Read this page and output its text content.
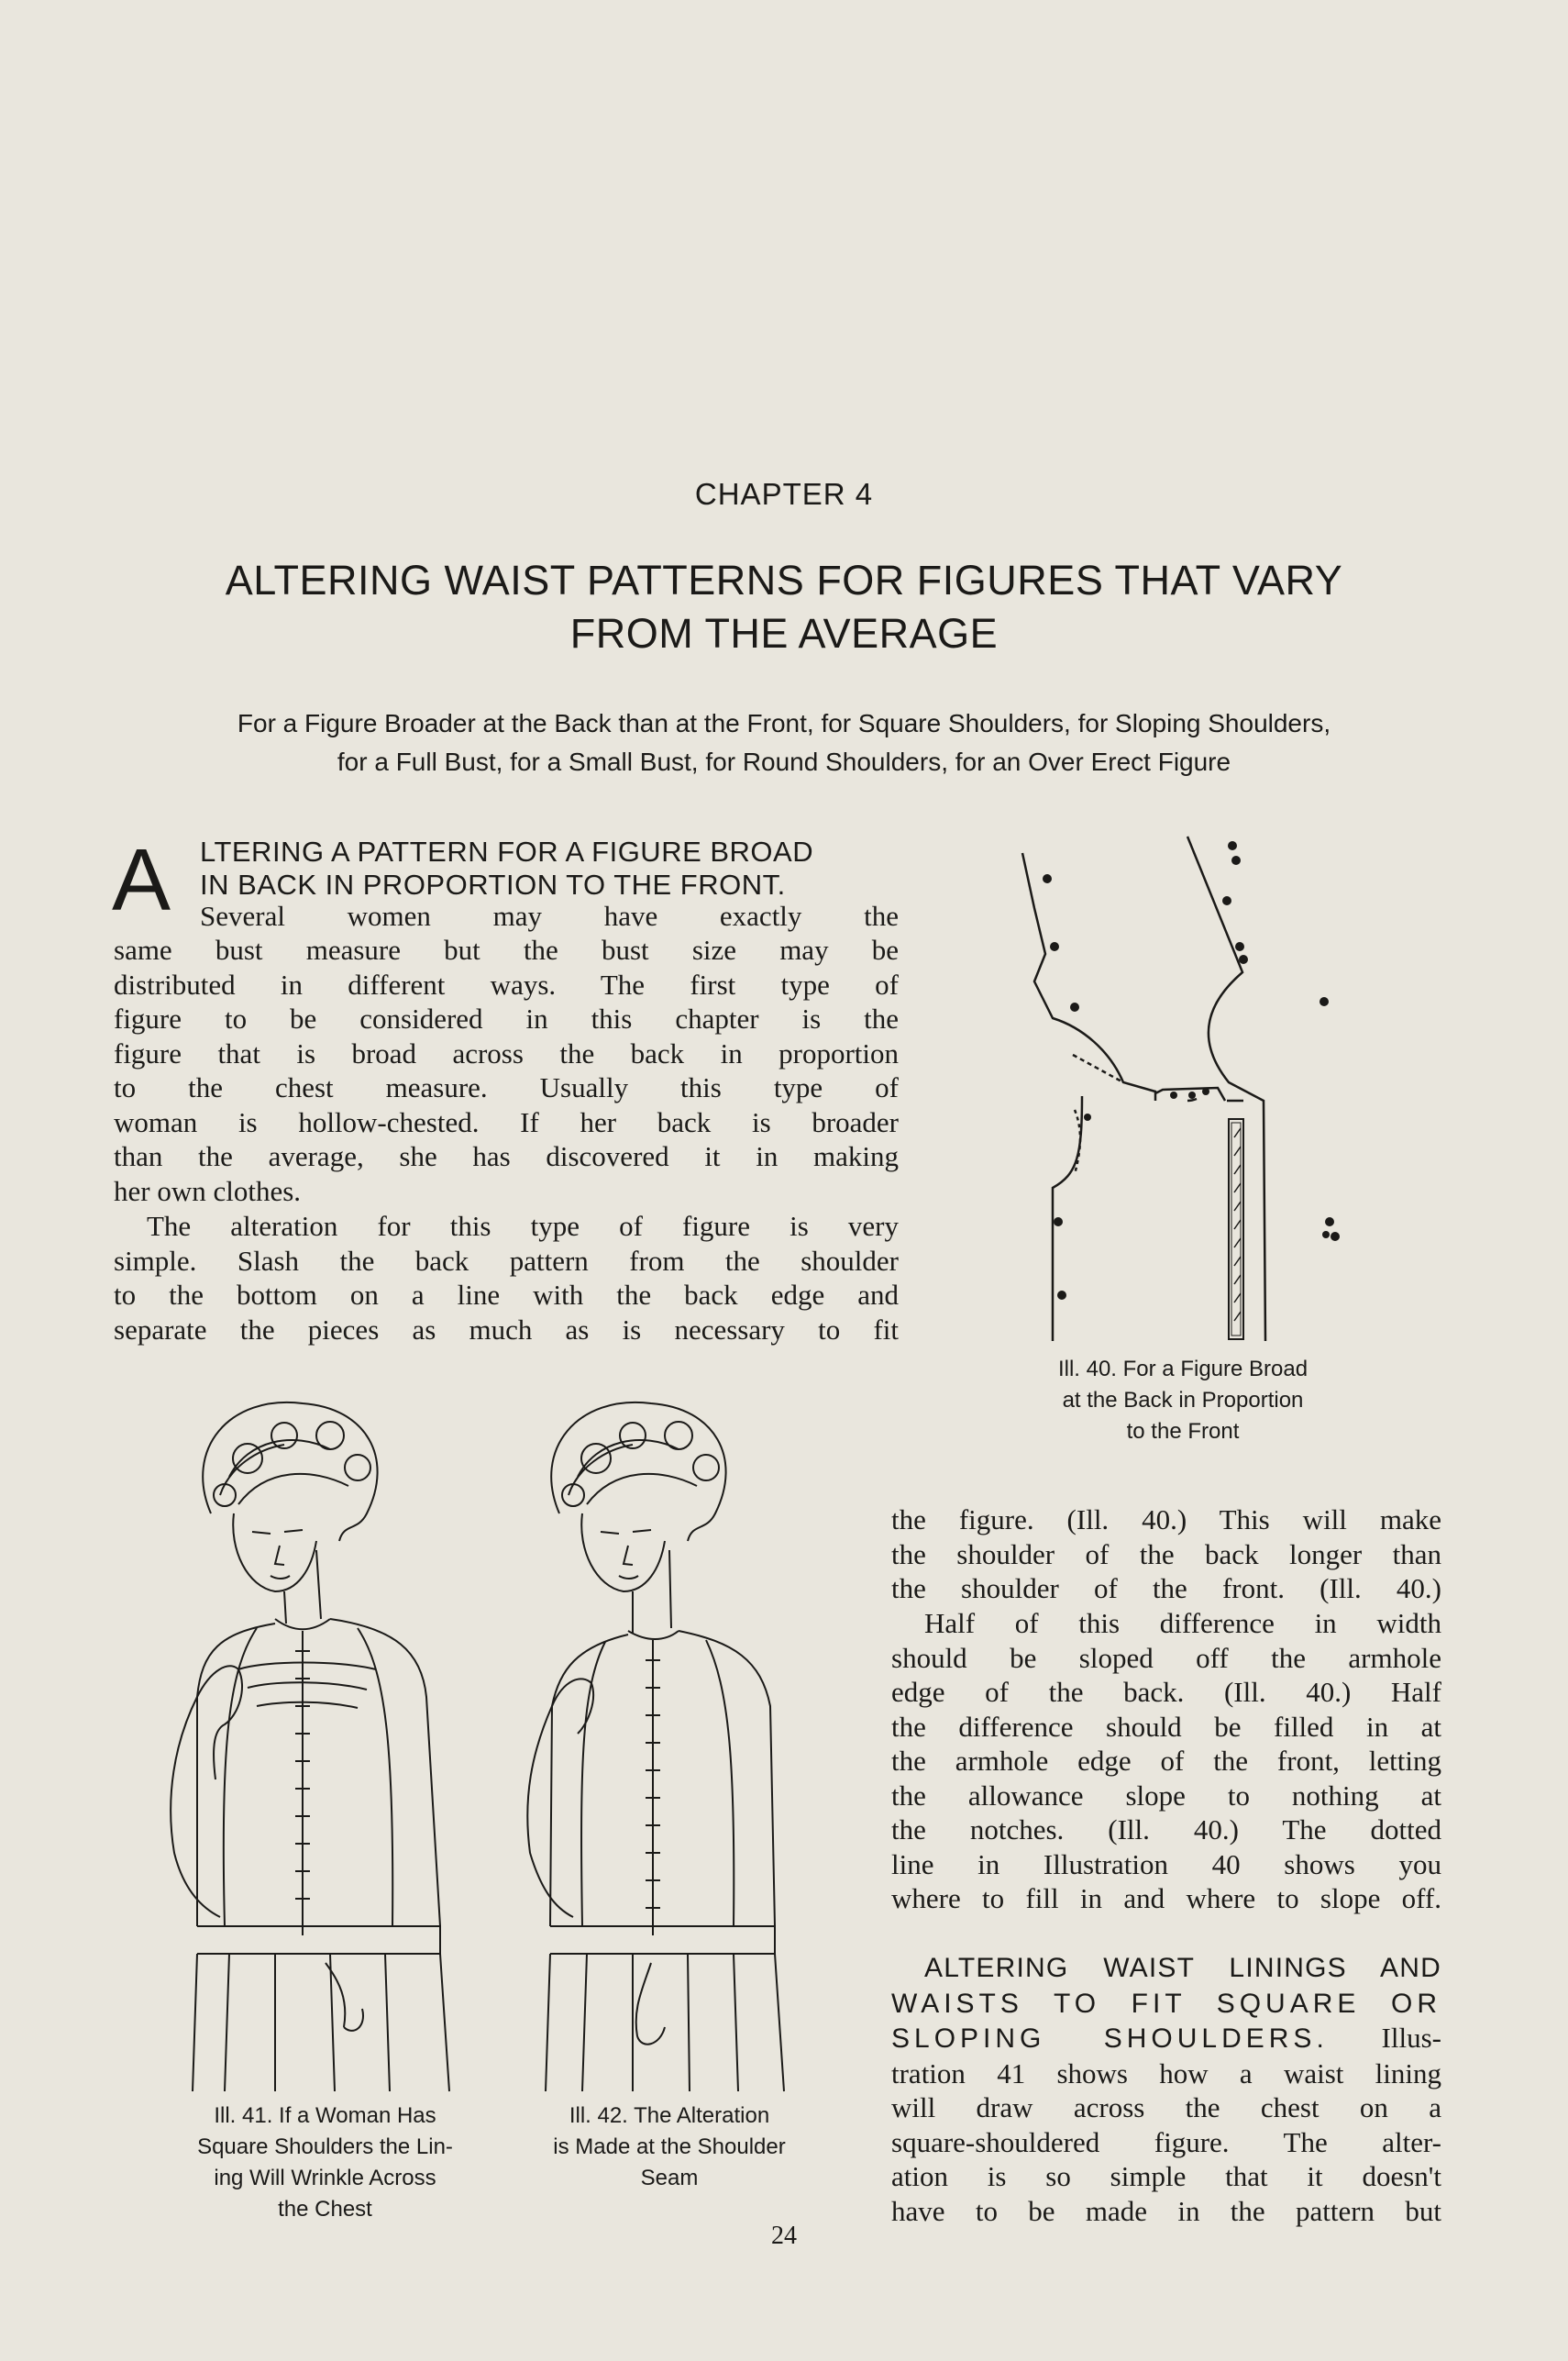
CHAPTER 4
ALTERING WAIST PATTERNS FOR FIGURES THAT VARY
FROM THE AVERAGE
For a Figure Broader at the Back than at the Front, for Square Shoulders, for Sloping Shoulders,
for a Full Bust, for a Small Bust, for Round Shoulders, for an Over Erect Figure
A LTERING A PATTERN FOR A FIGURE BROAD
IN BACK IN PROPORTION TO THE FRONT.

Several women may have exactly the

same bust measure but the bust size may be

distributed in different ways. The first type of

figure to be considered in this chapter is the

figure that is broad across the back in proportion

to the chest measure. Usually this type of

woman is hollow-chested. If her back is broader

than the average, she has discovered it in making

her own clothes.

The alteration for this type of figure is very

simple. Slash the back pattern from the shoulder

to the bottom on a line with the back edge and

separate the pieces as much as is necessary to fit

Ill. 40. For a Figure Broad
at the Back in Proportion
to the Front
Ill. 41. If a Woman Has
Square Shoulders the Lin-
ing Will Wrinkle Across
the Chest
Ill. 42. The Alteration
is Made at the Shoulder
Seam

the figure. (Ill. 40.) This will make

the shoulder of the back longer than

the shoulder of the front. (Ill. 40.)

Half of this difference in width

should be sloped off the armhole

edge of the back. (Ill. 40.) Half

the difference should be filled in at

the armhole edge of the front, letting

the allowance slope to nothing at

the notches. (Ill. 40.) The dotted

line in Illustration 40 shows you

where to fill in and where to slope off.

ALTERING WAIST LININGS AND

WAISTS TO FIT SQUARE OR

SLOPING SHOULDERS. Illus-

tration 41 shows how a waist lining

will draw across the chest on a

square-shouldered figure. The alter-

ation is so simple that it doesn't

have to be made in the pattern but

24
